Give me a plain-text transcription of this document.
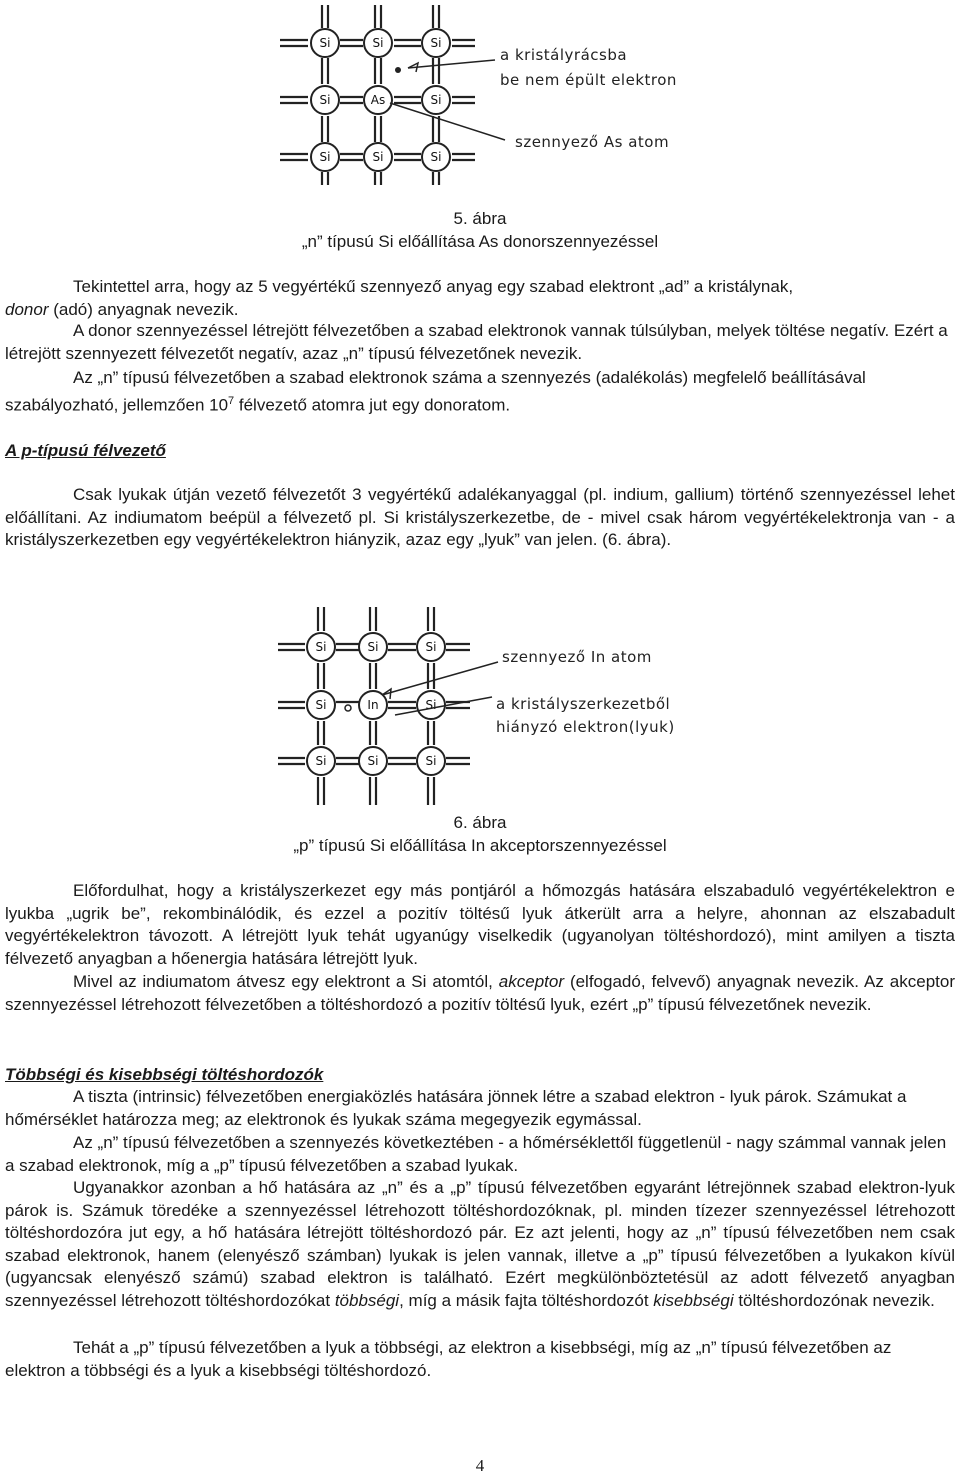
Si	Si	Si
Si	As	Si
Si	Si	Si
a kristályrácsba
be nem épült elektron
szennyező As atom
5. ábra
„n” típusú Si előállítása As donorszennyezéssel
Tekintettel arra, hogy az 5 vegyértékű szennyező anyag egy szabad elektront „ad” a kristálynak,
donor (adó) anyagnak nevezik.

A donor szennyezéssel létrejött félvezetőben a szabad elektronok vannak túlsúlyban, melyek töltése negatív. Ezért a létrejött szennyezett félvezetőt negatív, azaz „n” típusú félvezetőnek nevezik.

Az „n” típusú félvezetőben a szabad elektronok száma a szennyezés (adalékolás) megfelelő beállításával szabályozható, jellemzően $10^7$ félvezető atomra jut egy donoratom.

A p-típusú félvezető

Csak lyukak útján vezető félvezetőt 3 vegyértékű adalékanyaggal (pl. indium, gallium) történő szennyezéssel lehet előállítani. Az indiumatom beépül a félvezető pl. Si kristályszerkezetbe, de - mivel csak három vegyértékelektronja van - a kristályszerkezetben egy vegyértékelektron hiányzik, azaz egy „lyuk” van jelen. (6. ábra).

Si	Si	Si
Si	In	Si
Si	Si	Si
szennyező In atom
a kristályszerkezetből
hiányzó elektron(lyuk)
6. ábra
„p” típusú Si előállítása In akceptorszennyezéssel

Előfordulhat, hogy a kristályszerkezet egy más pontjáról a hőmozgás hatására elszabaduló vegyértékelektron e lyukba „ugrik be”, rekombinálódik, és ezzel a pozitív töltésű lyuk átkerült arra a helyre, ahonnan az elszabadult vegyértékelektron távozott. A létrejött lyuk tehát ugyanúgy viselkedik (ugyanolyan töltéshordozó), mint amilyen a tiszta félvezető anyagban a hőenergia hatására létrejött lyuk.

Mivel az indiumatom átvesz egy elektront a Si atomtól, akceptor (elfogadó, felvevő) anyagnak nevezik. Az akceptor szennyezéssel létrehozott félvezetőben a töltéshordozó a pozitív töltésű lyuk, ezért „p” típusú félvezetőnek nevezik.

Többségi és kisebbségi töltéshordozók

A tiszta (intrinsic) félvezetőben energiaközlés hatására jönnek létre a szabad elektron - lyuk párok. Számukat a hőmérséklet határozza meg; az elektronok és lyukak száma megegyezik egymással.

Az „n” típusú félvezetőben a szennyezés következtében - a hőmérséklettől függetlenül - nagy számmal vannak jelen a szabad elektronok, míg a „p” típusú félvezetőben a szabad lyukak.

Ugyanakkor azonban a hő hatására az „n” és a „p” típusú félvezetőben egyaránt létrejönnek szabad elektron-lyuk párok is. Számuk töredéke a szennyezéssel létrehozott töltéshordozóknak, pl. minden tízezer szennyezéssel létrehozott töltéshordozóra jut egy, a hő hatására létrejött töltéshordozó pár. Ez azt jelenti, hogy az „n” típusú félvezetőben nem csak szabad elektronok, hanem (elenyésző számban) lyukak is jelen vannak, illetve a „p” típusú félvezetőben a lyukakon kívül (ugyancsak elenyésző számú) szabad elektron is található. Ezért megkülönböztetésül az adott félvezető anyagban szennyezéssel létrehozott töltéshordozókat többségi, míg a másik fajta töltéshordozót kisebbségi töltéshordozónak nevezik.

Tehát a „p” típusú félvezetőben a lyuk a többségi, az elektron a kisebbségi, míg az „n” típusú félvezetőben az elektron a többségi és a lyuk a kisebbségi töltéshordozó.

4
